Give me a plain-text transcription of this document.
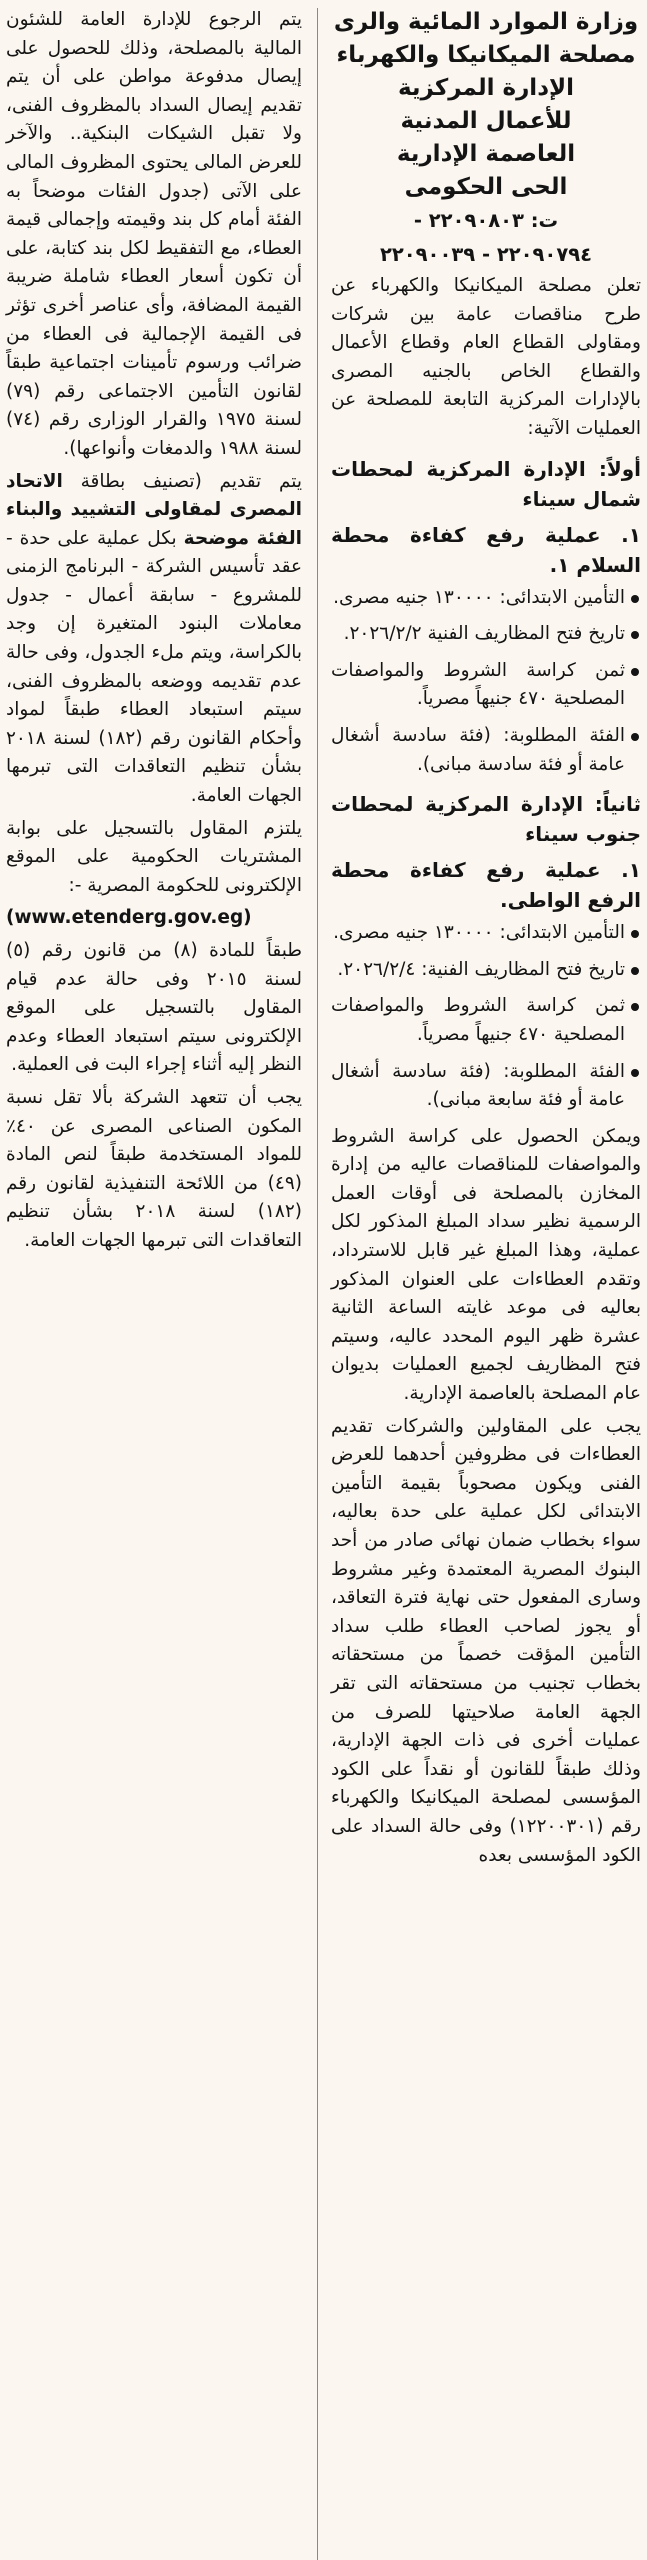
وزارة الموارد المائية والرى

مصلحة الميكانيكا والكهرباء

الإدارة المركزية

للأعمال المدنية

العاصمة الإدارية

الحى الحكومى

ت: ٢٢٠٩٠٨٠٣ -

٢٢٠٩٠٧٩٤ - ٢٢٠٩٠٠٣٩

تعلن مصلحة الميكانيكا والكهرباء عن طرح مناقصات عامة بين شركات ومقاولى القطاع العام وقطاع الأعمال والقطاع الخاص بالجنيه المصرى بالإدارات المركزية التابعة للمصلحة عن العمليات الآتية:

أولاً: الإدارة المركزية لمحطات شمال سيناء

١. عملية رفع كفاءة محطة السلام ١.

التأمين الابتدائى: ١٣٠٠٠٠ جنيه مصرى.

تاريخ فتح المظاريف الفنية ٢٠٢٦/٢/٢.

ثمن كراسة الشروط والمواصفات المصلحية ٤٧٠ جنيهاً مصرياً.

الفئة المطلوبة: (فئة سادسة أشغال عامة أو فئة سادسة مبانى).

ثانياً: الإدارة المركزية لمحطات جنوب سيناء

١. عملية رفع كفاءة محطة الرفع الواطى.

التأمين الابتدائى: ١٣٠٠٠٠ جنيه مصرى.

تاريخ فتح المظاريف الفنية: ٢٠٢٦/٢/٤.

ثمن كراسة الشروط والمواصفات المصلحية ٤٧٠ جنيهاً مصرياً.

الفئة المطلوبة: (فئة سادسة أشغال عامة أو فئة سابعة مبانى).

ويمكن الحصول على كراسة الشروط والمواصفات للمناقصات عاليه من إدارة المخازن بالمصلحة فى أوقات العمل الرسمية نظير سداد المبلغ المذكور لكل عملية، وهذا المبلغ غير قابل للاسترداد، وتقدم العطاءات على العنوان المذكور بعاليه فى موعد غايته الساعة الثانية عشرة ظهر اليوم المحدد عاليه، وسيتم فتح المظاريف لجميع العمليات بديوان عام المصلحة بالعاصمة الإدارية.

يجب على المقاولين والشركات تقديم العطاءات فى مظروفين أحدهما للعرض الفنى ويكون مصحوباً بقيمة التأمين الابتدائى لكل عملية على حدة بعاليه، سواء بخطاب ضمان نهائى صادر من أحد البنوك المصرية المعتمدة وغير مشروط وسارى المفعول حتى نهاية فترة التعاقد، أو يجوز لصاحب العطاء طلب سداد التأمين المؤقت خصماً من مستحقاته بخطاب تجنيب من مستحقاته التى تقر الجهة العامة صلاحيتها للصرف من عمليات أخرى فى ذات الجهة الإدارية، وذلك طبقاً للقانون أو نقداً على الكود المؤسسى لمصلحة الميكانيكا والكهرباء رقم (١٢٢٠٠٣٠١) وفى حالة السداد على الكود المؤسسى بعده

يتم الرجوع للإدارة العامة للشئون المالية بالمصلحة، وذلك للحصول على إيصال مدفوعة مواطن على أن يتم تقديم إيصال السداد بالمظروف الفنى، ولا تقبل الشيكات البنكية.. والآخر للعرض المالى يحتوى المظروف المالى على الآتى (جدول الفئات موضحاً به الفئة أمام كل بند وقيمته وإجمالى قيمة العطاء، مع التفقيط لكل بند كتابة، على أن تكون أسعار العطاء شاملة ضريبة القيمة المضافة، وأى عناصر أخرى تؤثر فى القيمة الإجمالية فى العطاء من ضرائب ورسوم تأمينات اجتماعية طبقاً لقانون التأمين الاجتماعى رقم (٧٩) لسنة ١٩٧٥ والقرار الوزارى رقم (٧٤) لسنة ١٩٨٨ والدمغات وأنواعها).

يتم تقديم (تصنيف بطاقة الاتحاد المصرى لمقاولى التشييد والبناء الفئة موضحة بكل عملية على حدة - عقد تأسيس الشركة - البرنامج الزمنى للمشروع - سابقة أعمال - جدول معاملات البنود المتغيرة إن وجد بالكراسة، ويتم ملء الجدول، وفى حالة عدم تقديمه ووضعه بالمظروف الفنى، سيتم استبعاد العطاء طبقاً لمواد وأحكام القانون رقم (١٨٢) لسنة ٢٠١٨ بشأن تنظيم التعاقدات التى تبرمها الجهات العامة.

يلتزم المقاول بالتسجيل على بوابة المشتريات الحكومية على الموقع الإلكترونى للحكومة المصرية -:

(www.etenderg.gov.eg)

طبقاً للمادة (٨) من قانون رقم (٥) لسنة ٢٠١٥ وفى حالة عدم قيام المقاول بالتسجيل على الموقع الإلكترونى سيتم استبعاد العطاء وعدم النظر إليه أثناء إجراء البت فى العملية.

يجب أن تتعهد الشركة بألا تقل نسبة المكون الصناعى المصرى عن ٤٠٪ للمواد المستخدمة طبقاً لنص المادة (٤٩) من اللائحة التنفيذية لقانون رقم (١٨٢) لسنة ٢٠١٨ بشأن تنظيم التعاقدات التى تبرمها الجهات العامة.
